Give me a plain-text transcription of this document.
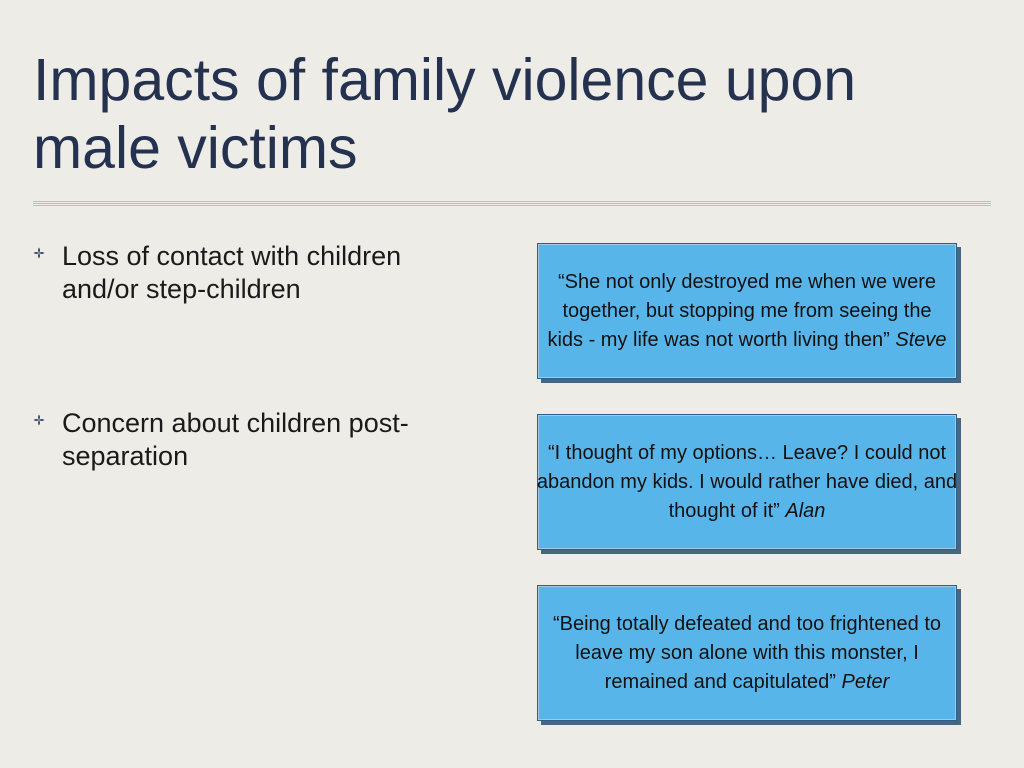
Impacts of family violence upon male victims
Loss of contact with children and/or step-children
Concern about children post-separation
“She not only destroyed me when we were together, but stopping me from seeing the kids - my life was not worth living then” Steve
“I thought of my options… Leave? I could not abandon my kids. I would rather have died, and thought of it” Alan
“Being totally defeated and too frightened to leave my son alone with this monster, I remained and capitulated” Peter
